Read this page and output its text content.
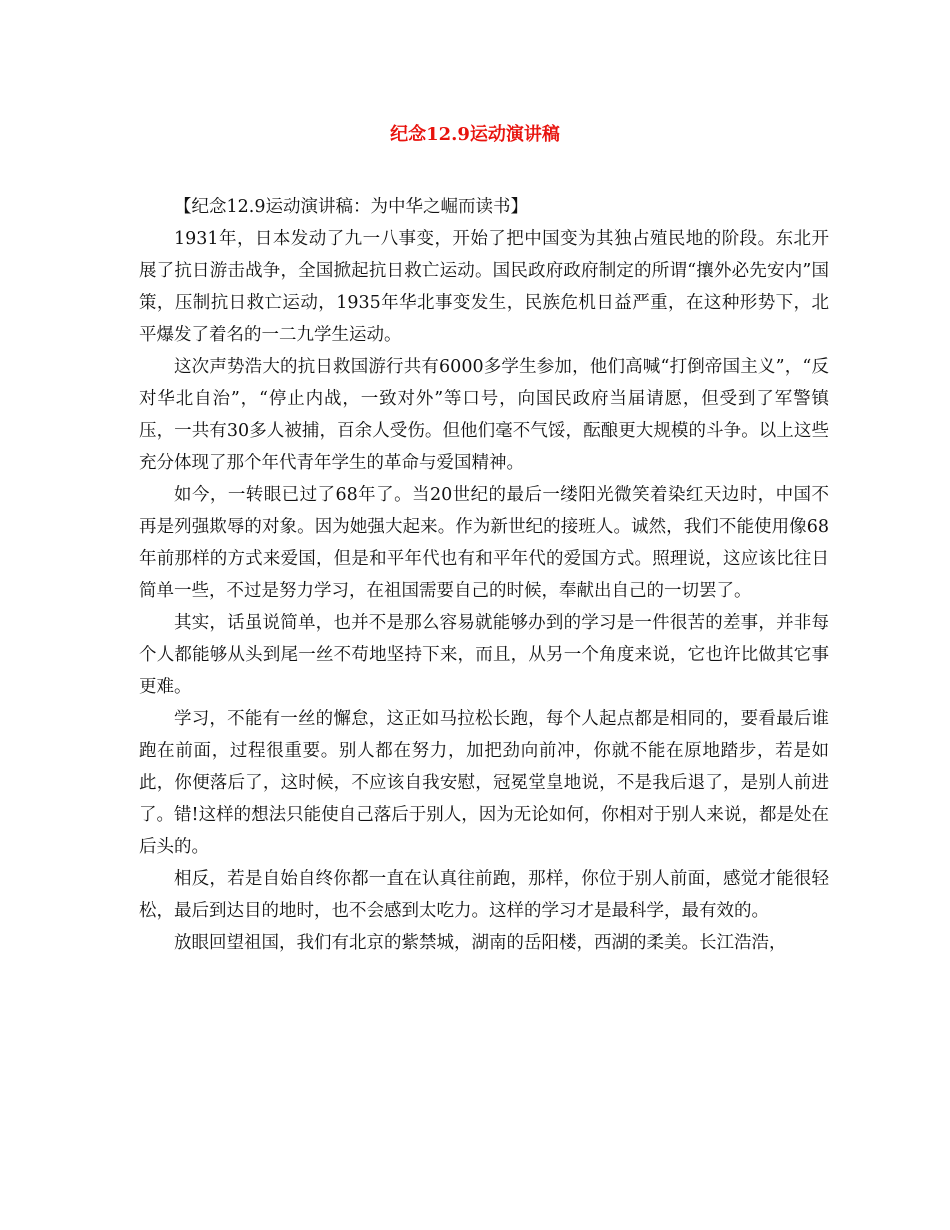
纪念12.9运动演讲稿

【纪念12.9运动演讲稿：为中华之崛而读书】

1931年，日本发动了九一八事变，开始了把中国变为其独占殖民地的阶段。东北开展了抗日游击战争，全国掀起抗日救亡运动。国民政府政府制定的所谓“攘外必先安内”国策，压制抗日救亡运动，1935年华北事变发生，民族危机日益严重，在这种形势下，北平爆发了着名的一二九学生运动。

这次声势浩大的抗日救国游行共有6000多学生参加，他们高喊“打倒帝国主义”，“反对华北自治”，“停止内战，一致对外”等口号，向国民政府当届请愿，但受到了军警镇压，一共有30多人被捕，百余人受伤。但他们毫不气馁，酝酿更大规模的斗争。以上这些充分体现了那个年代青年学生的革命与爱国精神。

如今，一转眼已过了68年了。当20世纪的最后一缕阳光微笑着染红天边时，中国不再是列强欺辱的对象。因为她强大起来。作为新世纪的接班人。诚然，我们不能使用像68年前那样的方式来爱国，但是和平年代也有和平年代的爱国方式。照理说，这应该比往日简单一些，不过是努力学习，在祖国需要自己的时候，奉献出自己的一切罢了。

其实，话虽说简单，也并不是那么容易就能够办到的学习是一件很苦的差事，并非每个人都能够从头到尾一丝不苟地坚持下来，而且，从另一个角度来说，它也许比做其它事更难。

学习，不能有一丝的懈怠，这正如马拉松长跑，每个人起点都是相同的，要看最后谁跑在前面，过程很重要。别人都在努力，加把劲向前冲，你就不能在原地踏步，若是如此，你便落后了，这时候，不应该自我安慰，冠冕堂皇地说，不是我后退了，是别人前进了。错!这样的想法只能使自己落后于别人，因为无论如何，你相对于别人来说，都是处在后头的。

相反，若是自始自终你都一直在认真往前跑，那样，你位于别人前面，感觉才能很轻松，最后到达目的地时，也不会感到太吃力。这样的学习才是最科学，最有效的。

放眼回望祖国，我们有北京的紫禁城，湖南的岳阳楼，西湖的柔美。长江浩浩，
